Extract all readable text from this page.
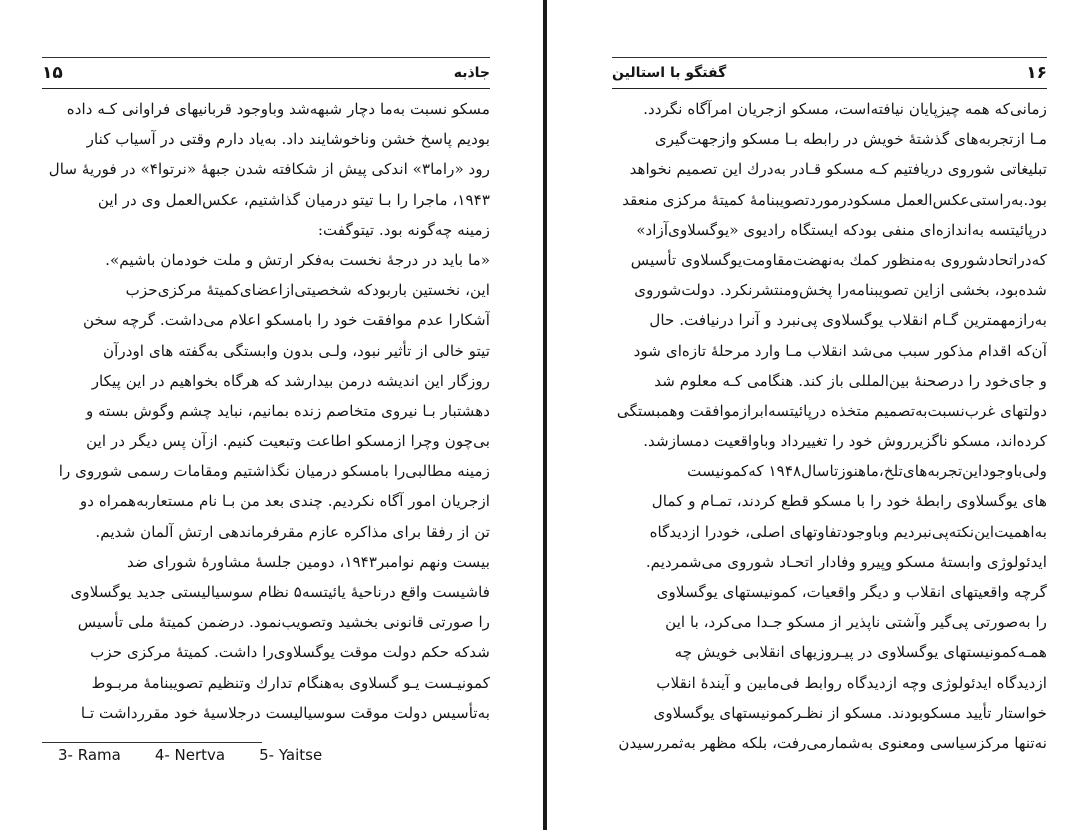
۱۵	جاذبه
مسکو نسبت به‌ما دچار شبهه‌شد وباوجود قربانیهای فراوانی کـه داده
بودیم پاسخ خشن وناخوشایند داد. به‌یاد دارم وقتی در آسیاب کنار
رود «راما۳» اندکی پیش از شکافته شدن جبههٔ «نرتوا۴» در فوریهٔ سال
۱۹۴۳، ماجرا را بـا تیتو درمیان گذاشتیم، عکس‌العمل وی در این
زمینه چه‌گونه بود. تیتوگفت:
«ما باید در درجهٔ نخست به‌فکر ارتش و ملت خودمان باشیم».
این، نخستین باربودکه شخصیتی‌ازاعضای‌کمیتهٔ مرکزی‌حزب
آشکارا عدم موافقت خود را بامسکو اعلام می‌داشت. گرچه سخن
تیتو خالی از تأثیر نبود، ولـی بدون وابستگی به‌گفته های اودرآن
روزگار این اندیشه درمن بیدارشد که هرگاه بخواهیم در این پیکار
دهشتبار بـا نیروی متخاصم زنده بمانیم، نباید چشم وگوش بسته و
بی‌چون وچرا ازمسکو اطاعت وتبعیت کنیم. ازآن پس دیگر در این
زمینه مطالبی‌را بامسکو درمیان نگذاشتیم ومقامات رسمی شوروی را
ازجریان امور آگاه نکردیم. چندی بعد من بـا نام مستعاربه‌همراه دو
تن از رفقا برای مذاکره عازم مقرفرماندهی ارتش آلمان شدیم.
بیست ونهم نوامبر۱۹۴۳، دومین جلسهٔ مشاورهٔ شورای ضد
فاشیست واقع درناحیهٔ یائیتسه۵ نظام سوسیالیستی جدید یوگسلاوی
را صورتی قانونی بخشید وتصویب‌نمود. درضمن کمیتهٔ ملی تأسیس
شدکه حکم دولت موقت یوگسلاوی‌را داشت. کمیتهٔ مرکزی حزب
کمونیـست یـو گسلاوی به‌هنگام تدارك وتنظیم تصویبنامهٔ مربـوط
به‌تأسیس دولت موقت سوسیالیست درجلاسیهٔ خود مقررداشت تـا
3- Rama 4- Nertva 5- Yaitse
گفتگو با استالین	۱۶
زمانی‌که همه چیزپایان نیافته‌است، مسکو ازجریان امرآگاه نگردد.
مـا ازتجربه‌های گذشتهٔ خویش در رابطه بـا مسکو وازجهت‌گیری
تبلیغاتی شوروی دریافتیم کـه مسکو قـادر به‌درك این تصمیم نخواهد
بود.به‌راستی‌عکس‌العمل مسکودرموردتصویبنامهٔ کمیتهٔ مرکزی منعقد
درپائیتسه به‌اندازه‌ای منفی بودکه ایستگاه رادیوی «یوگسلاوی‌آزاد»
که‌دراتحادشوروی به‌منظور کمك به‌نهضت‌مقاومت‌یوگسلاوی تأسیس
شده‌بود، بخشی ازاین تصویبنامه‌را پخش‌ومنتشرنکرد. دولت‌شوروی
به‌رازمهمترین گـام انقلاب یوگسلاوی پی‌نبرد و آنرا درنیافت. حال
آن‌که اقدام مذکور سبب می‌شد انقلاب مـا وارد مرحلهٔ تازه‌ای شود
و جای‌خود را درصحنهٔ بین‌المللی باز کند. هنگامی کـه معلوم شد
دولتهای غرب‌نسبت‌به‌تصمیم متخذه درپائیتسه‌ابرازموافقت وهمبستگی
کرده‌اند، مسکو ناگزیرروش خود را تغییرداد وباواقعیت دمسازشد.
ولی‌باوجوداین‌تجربه‌های‌تلخ،ماهنوزتاسال۱۹۴۸ که‌کمونیست
های یوگسلاوی رابطهٔ خود را با مسکو قطع کردند، تمـام و کمال
به‌اهمیت‌این‌نکته‌پی‌نبردیم وباوجودتفاوتهای اصلی، خودرا ازدیدگاه
ایدئولوژی وابستهٔ مسکو وپیرو وفادار اتحـاد شوروی می‌شمردیم.
گرچه واقعیتهای انقلاب و دیگر واقعیات، کمونیستهای یوگسلاوی
را به‌صورتی پی‌گیر وآشتی ناپذیر از مسکو جـدا می‌کرد، با این
همـه‌کمونیستهای یوگسلاوی در پیـروزیهای انقلابی خویش چه
ازدیدگاه ایدئولوژی وچه ازدیدگاه روابط فی‌مابین و آیندهٔ انقلاب
خواستار تأیید مسکوبودند. مسکو از نظـرکمونیستهای یوگسلاوی
نه‌تنها مرکزسیاسی ومعنوی به‌شمارمی‌رفت، بلکه مظهر به‌ثمررسیدن
